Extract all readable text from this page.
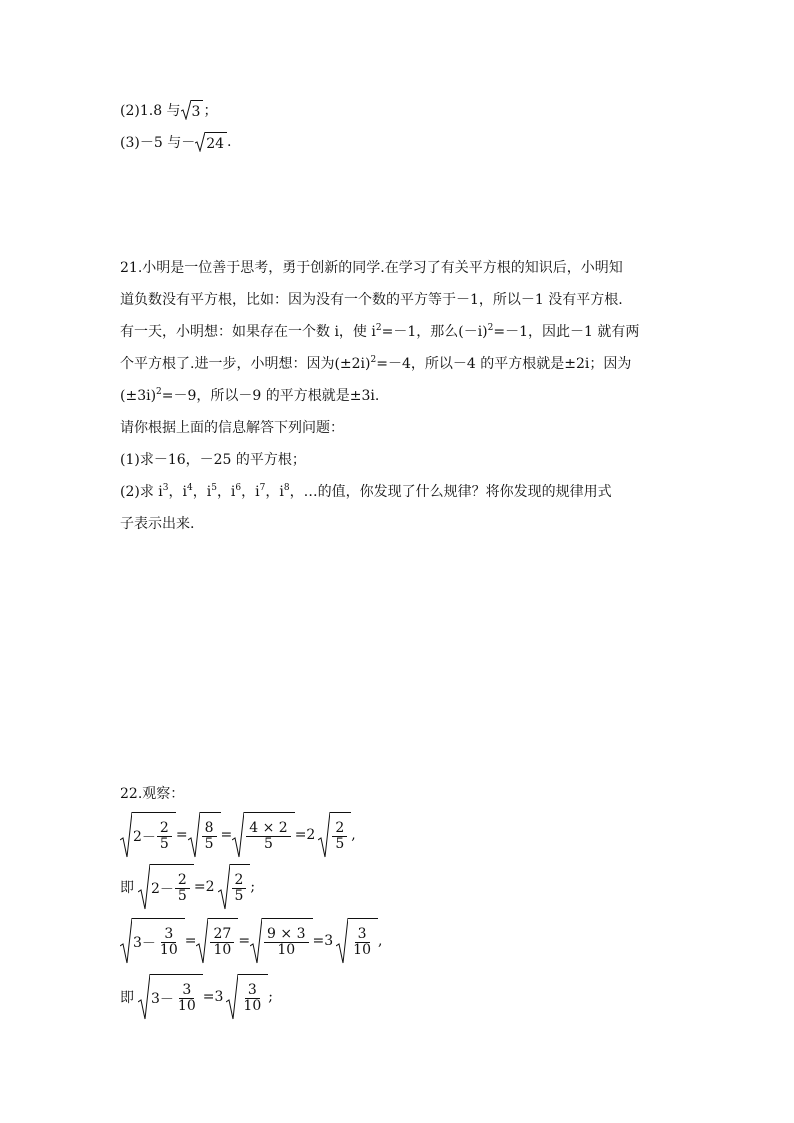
(2)1.8 与 3 ；
(3)－5 与－ 24 .
21.小明是一位善于思考，勇于创新的同学.在学习了有关平方根的知识后，小明知
道负数没有平方根，比如：因为没有一个数的平方等于－1，所以－1 没有平方根.
有一天，小明想：如果存在一个数 i，使 $i^2=-1$，那么$(-i)^2=-1$，因此－1 就有两
个平方根了.进一步，小明想：因为$(\pm 2i)^2=-4$，所以－4 的平方根就是±2i；因为
$(\pm 3i)^2=-9$，所以－9 的平方根就是±3i.
请你根据上面的信息解答下列问题：
(1)求－16，－25 的平方根；
(2)求 $i^3$，$i^4$，$i^5$，$i^6$，$i^7$，$i^8$，…的值，你发现了什么规律？将你发现的规律用式
子表示出来.
22.观察：
$2 - \frac{2}{5} = \frac{8}{5} = \frac{4 \times 2}{5} = 2 \frac{2}{5}$ ,
即 $2 - \frac{2}{5} = 2 \frac{2}{5}$ ;
$3 - \frac{3}{10} = \frac{27}{10} = \frac{9 \times 3}{10} = 3 \frac{3}{10}$ ,
即 $3 - \frac{3}{10} = 3 \frac{3}{10}$ ;
